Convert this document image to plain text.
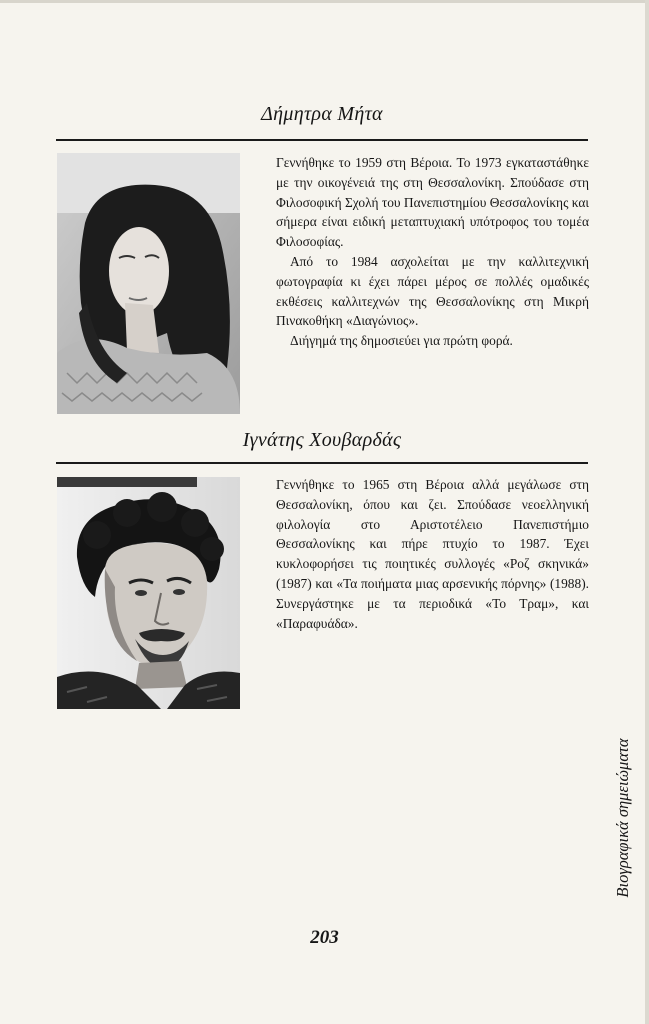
Δήμητρα Μήτα

Γεννήθηκε το 1959 στη Βέροια. Το 1973 εγκαταστάθηκε με την οικογένειά της στη Θεσσαλονίκη. Σπούδασε στη Φιλοσοφική Σχολή του Πανεπιστημίου Θεσσαλονίκης και σήμερα είναι ειδική μεταπτυχιακή υπότροφος του τομέα Φιλοσοφίας.

Από το 1984 ασχολείται με την καλλιτεχνική φωτογραφία κι έχει πάρει μέρος σε πολλές ομαδικές εκθέσεις καλλιτεχνών της Θεσσαλονίκης στη Μικρή Πινακοθήκη «Διαγώνιος».

Διήγημά της δημοσιεύει για πρώτη φορά.

Ιγνάτης Χουβαρδάς

Γεννήθηκε το 1965 στη Βέροια αλλά μεγάλωσε στη Θεσσαλονίκη, όπου και ζει. Σπούδασε νεοελληνική φιλολογία στο Αριστοτέλειο Πανεπιστήμιο Θεσσαλονίκης και πήρε πτυχίο το 1987. Έχει κυκλοφορήσει τις ποιητικές συλλογές «Ροζ σκηνικά» (1987) και «Τα ποιήματα μιας αρσενικής πόρνης» (1988). Συνεργάστηκε με τα περιοδικά «Το Τραμ», και «Παραφυάδα».

Βιογραφικά σημειώματα
203
